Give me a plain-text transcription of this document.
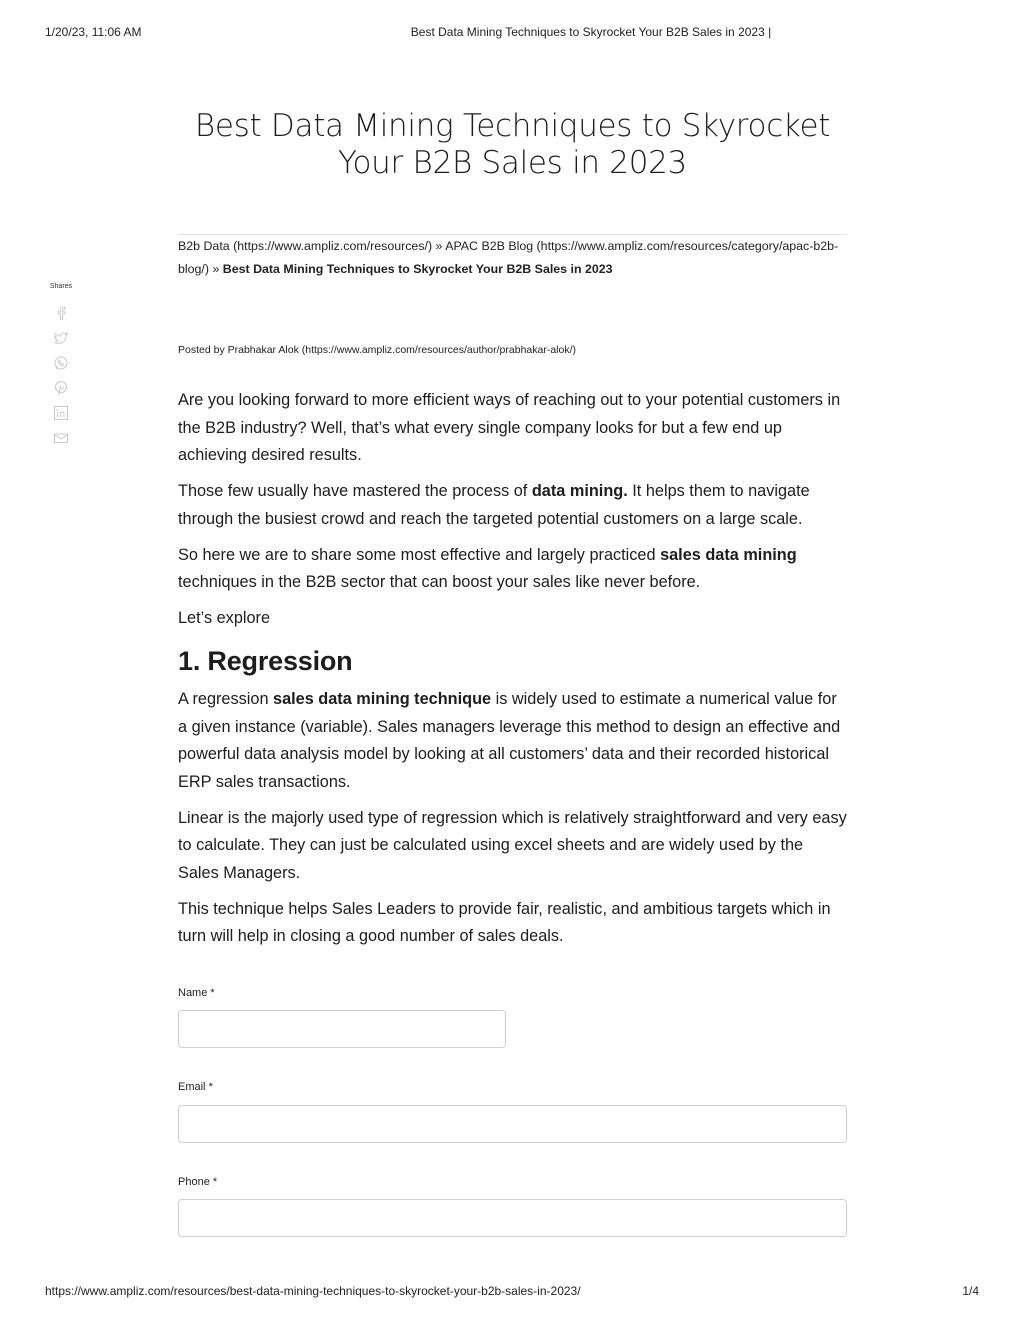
1/20/23, 11:06 AM	Best Data Mining Techniques to Skyrocket Your B2B Sales in 2023 |
Best Data Mining Techniques to Skyrocket Your B2B Sales in 2023
B2b Data (https://www.ampliz.com/resources/) » APAC B2B Blog (https://www.ampliz.com/resources/category/apac-b2b-blog/) » Best Data Mining Techniques to Skyrocket Your B2B Sales in 2023
Posted by Prabhakar Alok (https://www.ampliz.com/resources/author/prabhakar-alok/)
Shares

Are you looking forward to more efficient ways of reaching out to your potential customers in the B2B industry? Well, that’s what every single company looks for but a few end up achieving desired results.

Those few usually have mastered the process of data mining. It helps them to navigate through the busiest crowd and reach the targeted potential customers on a large scale.

So here we are to share some most effective and largely practiced sales data mining techniques in the B2B sector that can boost your sales like never before.

Let’s explore

1. Regression

A regression sales data mining technique is widely used to estimate a numerical value for a given instance (variable). Sales managers leverage this method to design an effective and powerful data analysis model by looking at all customers’ data and their recorded historical ERP sales transactions.

Linear is the majorly used type of regression which is relatively straightforward and very easy to calculate. They can just be calculated using excel sheets and are widely used by the Sales Managers.

This technique helps Sales Leaders to provide fair, realistic, and ambitious targets which in turn will help in closing a good number of sales deals.

Name *
Email *
Phone *
https://www.ampliz.com/resources/best-data-mining-techniques-to-skyrocket-your-b2b-sales-in-2023/	1/4
